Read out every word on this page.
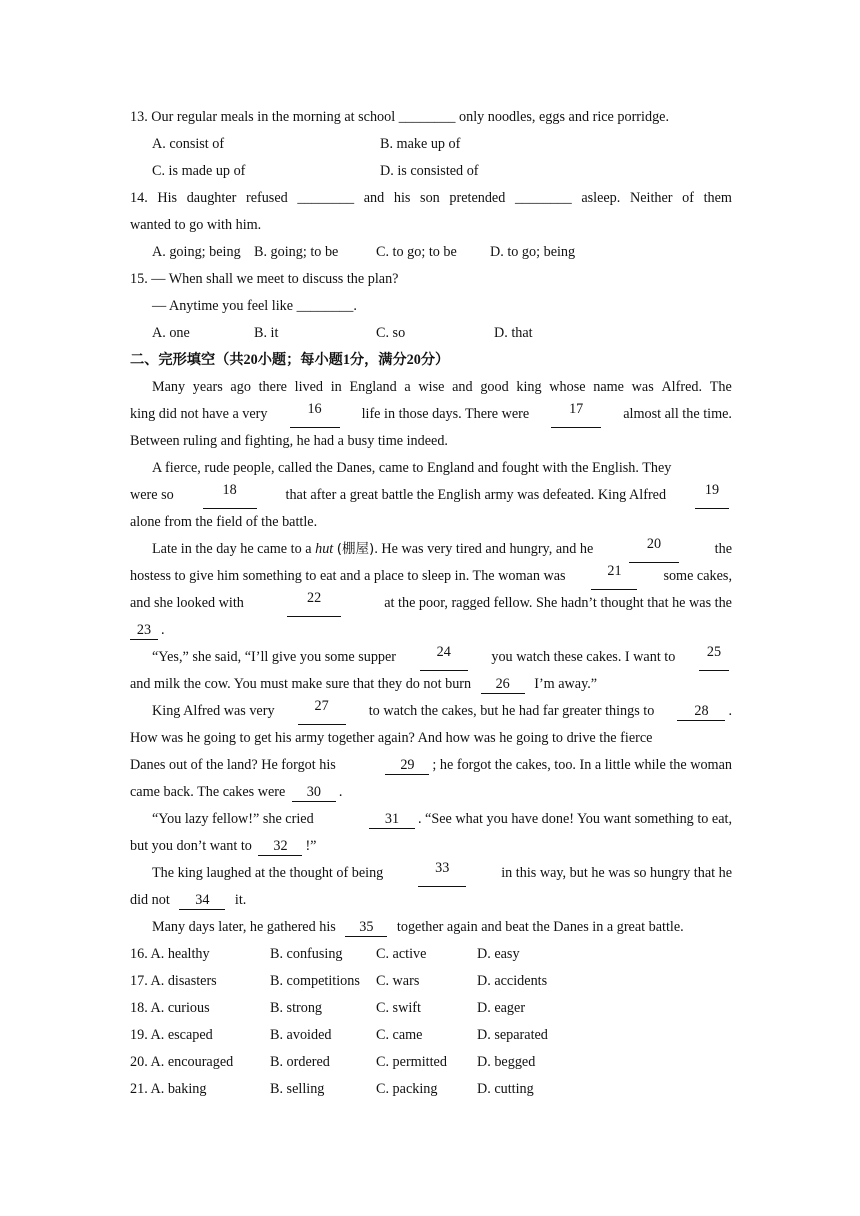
13. Our regular meals in the morning at school ________ only noodles, eggs and rice porridge.
A. consist of	B. make up of
C. is made up of	D. is consisted of
14. His daughter refused ________ and his son pretended ________ asleep. Neither of them
wanted to go with him.
A. going; being B. going; to be	C. to go; to be	D. to go; being
15. — When shall we meet to discuss the plan?
— Anytime you feel like ________.
A. one	B. it	C. so	D. that
二、完形填空（共20小题；每小题1分，满分20分）
Many years ago there lived in England a wise and good king whose name was Alfred. The
king did not have a very	16	life in those days. There were	17	almost all the time.
Between ruling and fighting, he had a busy time indeed.
A fierce, rude people, called the Danes, came to England and fought with the English. They
were so	18	that after a great battle the English army was defeated. King Alfred	19
alone from the field of the battle.
Late in the day he came to a hut (棚屋). He was very tired and hungry, and he	20	the
hostess to give him something to eat and a place to sleep in. The woman was	21	some cakes,
and she looked with	22	at the poor, ragged fellow. She hadn’t thought that he was the
23 .
“Yes,” she said, “I’ll give you some supper	24	you watch these cakes. I want to	25
and milk the cow. You must make sure that they do not burn 26 I’m away.”
King Alfred was very	27	to watch the cakes, but he had far greater things to	28 .
How was he going to get his army together again? And how was he going to drive the fierce
Danes out of the land? He forgot his	29 ; he forgot the cakes, too. In a little while the woman
came back. The cakes were 30 .
“You lazy fellow!” she cried	31 . “See what you have done! You want something to eat,
but you don’t want to 32 !”
The king laughed at the thought of being	33	in this way, but he was so hungry that he
did not 34 it.
Many days later, he gathered his 35 together again and beat the Danes in a great battle.
16. A. healthy	B. confusing	C. active	D. easy
17. A. disasters	B. competitions	C. wars	D. accidents
18. A. curious	B. strong	C. swift	D. eager
19. A. escaped	B. avoided	C. came	D. separated
20. A. encouraged	B. ordered	C. permitted	D. begged
21. A. baking	B. selling	C. packing	D. cutting
